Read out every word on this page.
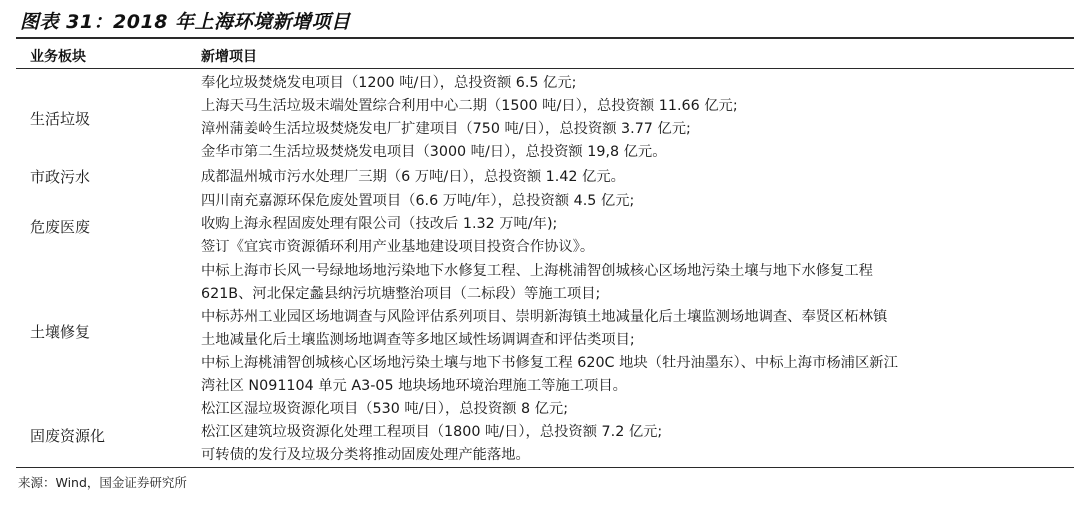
图表 31：2018 年上海环境新增项目
业务板块	新增项目
生活垃圾
市政污水
危废医废
土壤修复
固废资源化
奉化垃圾焚烧发电项目（1200 吨/日），总投资额 6.5 亿元;
上海天马生活垃圾末端处置综合利用中心二期（1500 吨/日），总投资额 11.66 亿元;
漳州蒲姜岭生活垃圾焚烧发电厂扩建项目（750 吨/日），总投资额 3.77 亿元;
金华市第二生活垃圾焚烧发电项目（3000 吨/日），总投资额 19,8 亿元。
成都温州城市污水处理厂三期（6 万吨/日），总投资额 1.42 亿元。
四川南充嘉源环保危废处置项目（6.6 万吨/年），总投资额 4.5 亿元;
收购上海永程固废处理有限公司（技改后 1.32 万吨/年);
签订《宜宾市资源循环利用产业基地建设项目投资合作协议》。
中标上海市长风一号绿地场地污染地下水修复工程、上海桃浦智创城核心区场地污染土壤与地下水修复工程
621B、河北保定蠡县纳污坑塘整治项目（二标段）等施工项目;
中标苏州工业园区场地调查与风险评估系列项目、崇明新海镇土地减量化后土壤监测场地调查、奉贤区柘林镇
土地减量化后土壤监测场地调查等多地区域性场调调查和评估类项目;
中标上海桃浦智创城核心区场地污染土壤与地下书修复工程 620C 地块（牡丹油墨东）、中标上海市杨浦区新江
湾社区 N091104 单元 A3-05 地块场地环境治理施工等施工项目。
松江区湿垃圾资源化项目（530 吨/日），总投资额 8 亿元;
松江区建筑垃圾资源化处理工程项目（1800 吨/日），总投资额 7.2 亿元;
可转债的发行及垃圾分类将推动固废处理产能落地。
来源：Wind，国金证券研究所
